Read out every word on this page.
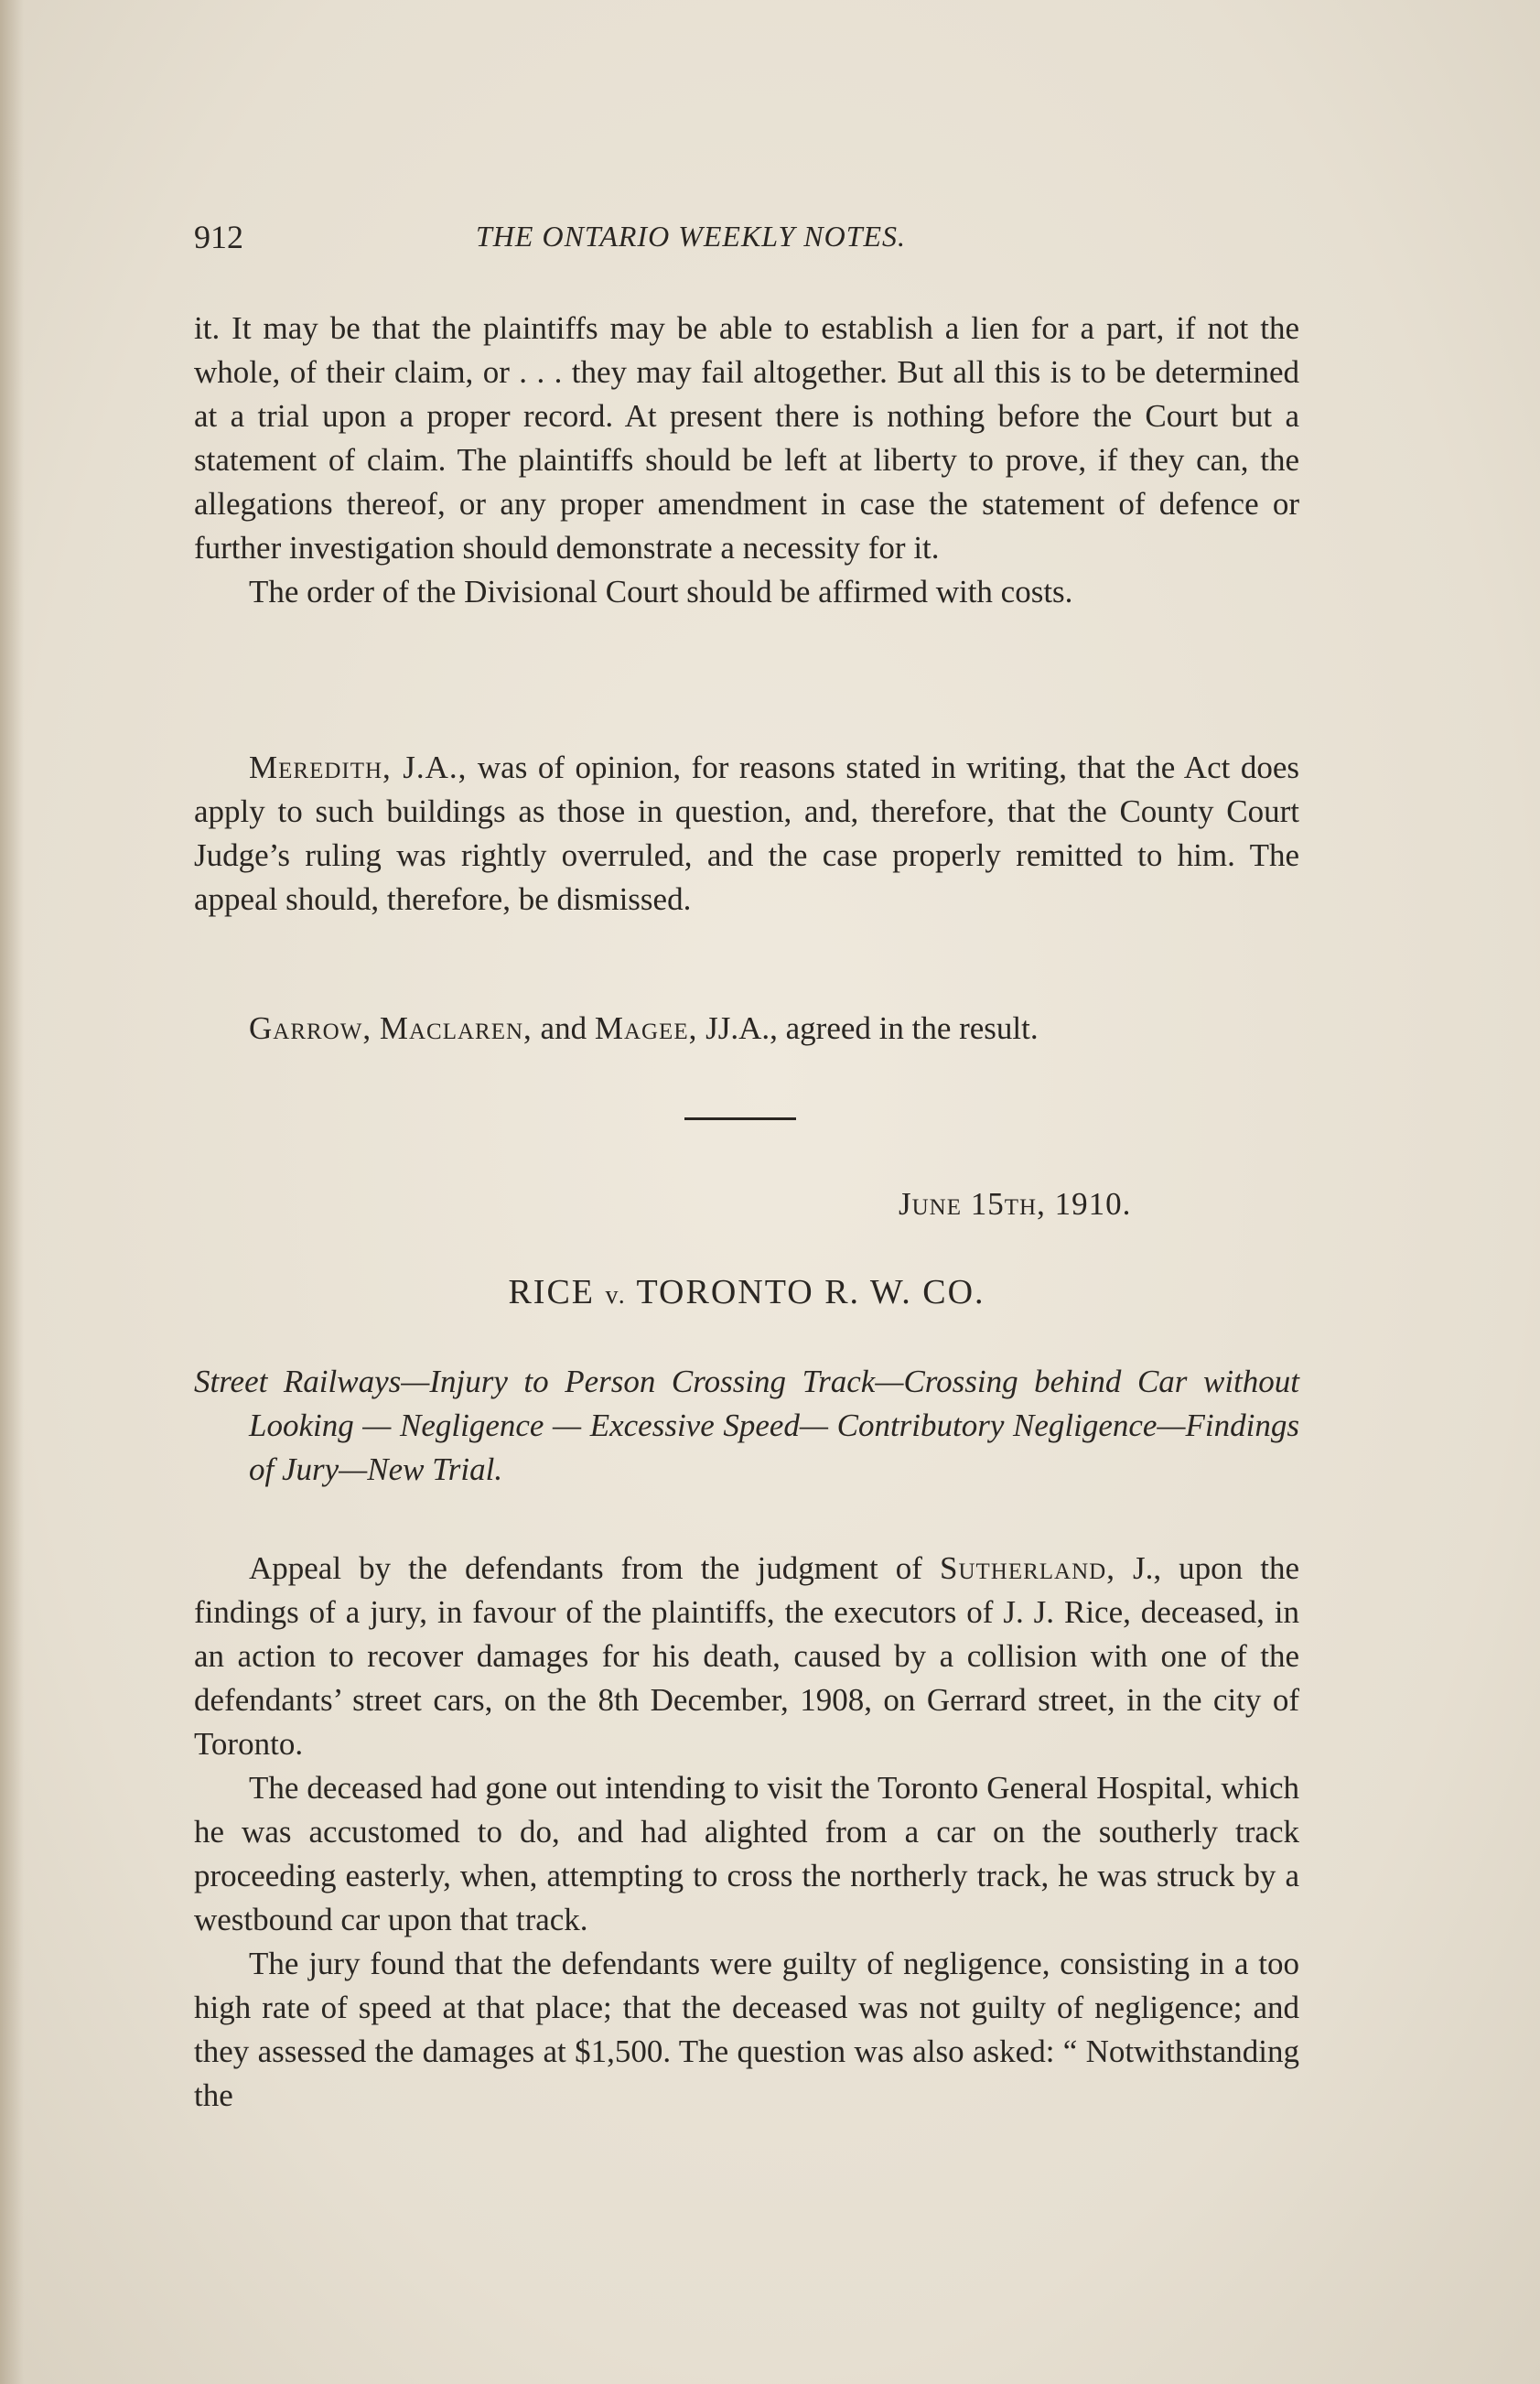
912	THE ONTARIO WEEKLY NOTES.

it. It may be that the plaintiffs may be able to establish a lien for a part, if not the whole, of their claim, or . . . they may fail altogether. But all this is to be determined at a trial upon a proper record. At present there is nothing before the Court but a statement of claim. The plaintiffs should be left at liberty to prove, if they can, the allegations thereof, or any proper amendment in case the statement of defence or further investigation should demonstrate a necessity for it.

The order of the Divisional Court should be affirmed with costs.

Meredith, J.A., was of opinion, for reasons stated in writing, that the Act does apply to such buildings as those in question, and, therefore, that the County Court Judge’s ruling was rightly overruled, and the case properly remitted to him. The appeal should, therefore, be dismissed.

Garrow, Maclaren, and Magee, JJ.A., agreed in the result.

June 15th, 1910.
RICE v. TORONTO R. W. CO.

Street Railways—Injury to Person Crossing Track—Crossing behind Car without Looking — Negligence — Excessive Speed— Contributory Negligence—Findings of Jury—New Trial.

Appeal by the defendants from the judgment of Sutherland, J., upon the findings of a jury, in favour of the plaintiffs, the executors of J. J. Rice, deceased, in an action to recover damages for his death, caused by a collision with one of the defendants’ street cars, on the 8th December, 1908, on Gerrard street, in the city of Toronto.

The deceased had gone out intending to visit the Toronto General Hospital, which he was accustomed to do, and had alighted from a car on the southerly track proceeding easterly, when, attempting to cross the northerly track, he was struck by a westbound car upon that track.

The jury found that the defendants were guilty of negligence, consisting in a too high rate of speed at that place; that the deceased was not guilty of negligence; and they assessed the damages at $1,500. The question was also asked: “ Notwithstanding the
